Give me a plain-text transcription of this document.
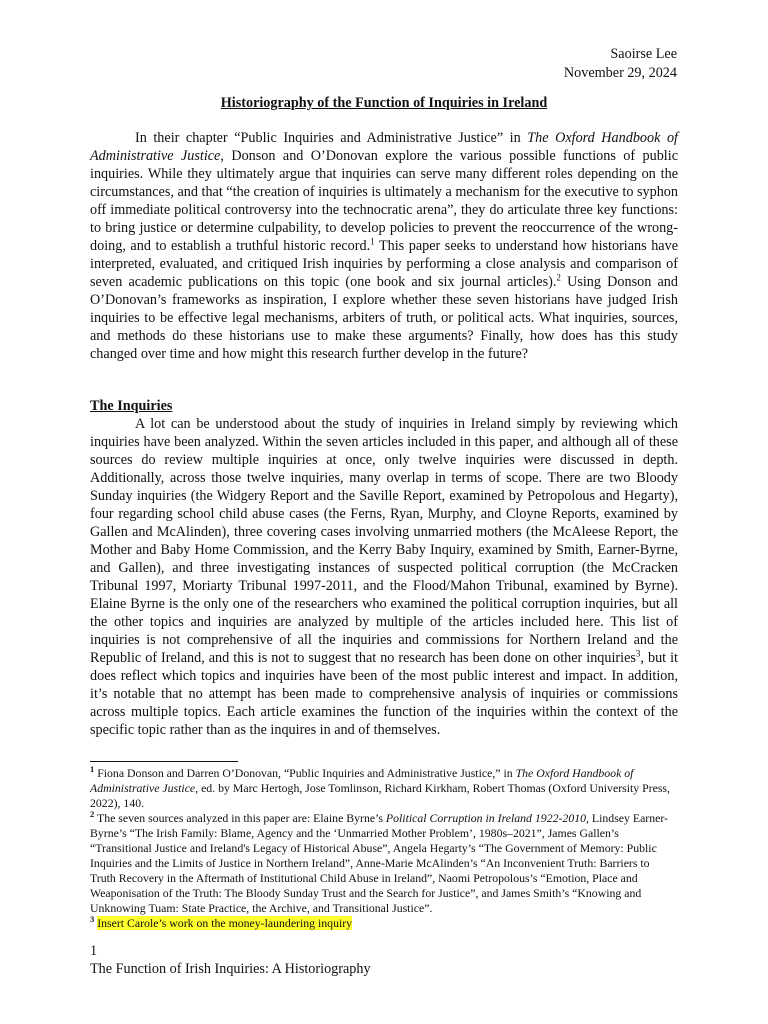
Saoirse Lee
November 29, 2024
Historiography of the Function of Inquiries in Ireland
In their chapter “Public Inquiries and Administrative Justice” in The Oxford Handbook of Administrative Justice, Donson and O’Donovan explore the various possible functions of public inquiries. While they ultimately argue that inquiries can serve many different roles depending on the circumstances, and that “the creation of inquiries is ultimately a mechanism for the executive to syphon off immediate political controversy into the technocratic arena”, they do articulate three key functions: to bring justice or determine culpability, to develop policies to prevent the reoccurrence of the wrong-doing, and to establish a truthful historic record.$^1$ This paper seeks to understand how historians have interpreted, evaluated, and critiqued Irish inquiries by performing a close analysis and comparison of seven academic publications on this topic (one book and six journal articles).$^2$ Using Donson and O’Donovan’s frameworks as inspiration, I explore whether these seven historians have judged Irish inquiries to be effective legal mechanisms, arbiters of truth, or political acts. What inquiries, sources, and methods do these historians use to make these arguments? Finally, how does has this study changed over time and how might this research further develop in the future?
The Inquiries
A lot can be understood about the study of inquiries in Ireland simply by reviewing which inquiries have been analyzed. Within the seven articles included in this paper, and although all of these sources do review multiple inquiries at once, only twelve inquiries were discussed in depth. Additionally, across those twelve inquiries, many overlap in terms of scope. There are two Bloody Sunday inquiries (the Widgery Report and the Saville Report, examined by Petropolous and Hegarty), four regarding school child abuse cases (the Ferns, Ryan, Murphy, and Cloyne Reports, examined by Gallen and McAlinden), three covering cases involving unmarried mothers (the McAleese Report, the Mother and Baby Home Commission, and the Kerry Baby Inquiry, examined by Smith, Earner-Byrne, and Gallen), and three investigating instances of suspected political corruption (the McCracken Tribunal 1997, Moriarty Tribunal 1997-2011, and the Flood/Mahon Tribunal, examined by Byrne). Elaine Byrne is the only one of the researchers who examined the political corruption inquiries, but all the other topics and inquiries are analyzed by multiple of the articles included here. This list of inquiries is not comprehensive of all the inquiries and commissions for Northern Ireland and the Republic of Ireland, and this is not to suggest that no research has been done on other inquiries$^3$, but it does reflect which topics and inquiries have been of the most public interest and impact. In addition, it’s notable that no attempt has been made to comprehensive analysis of inquiries or commissions across multiple topics. Each article examines the function of the inquiries within the context of the specific topic rather than as the inquires in and of themselves.

$^1$ Fiona Donson and Darren O’Donovan, “Public Inquiries and Administrative Justice,” in The Oxford Handbook of Administrative Justice, ed. by Marc Hertogh, Jose Tomlinson, Richard Kirkham, Robert Thomas (Oxford University Press, 2022), 140.

$^2$ The seven sources analyzed in this paper are: Elaine Byrne’s Political Corruption in Ireland 1922-2010, Lindsey Earner-Byrne’s “The Irish Family: Blame, Agency and the ‘Unmarried Mother Problem’, 1980s–2021”, James Gallen’s “Transitional Justice and Ireland's Legacy of Historical Abuse”, Angela Hegarty’s “The Government of Memory: Public Inquiries and the Limits of Justice in Northern Ireland”, Anne-Marie McAlinden’s “An Inconvenient Truth: Barriers to Truth Recovery in the Aftermath of Institutional Child Abuse in Ireland”, Naomi Petropolous’s “Emotion, Place and Weaponisation of the Truth: The Bloody Sunday Trust and the Search for Justice”, and James Smith’s “Knowing and Unknowing Tuam: State Practice, the Archive, and Transitional Justice”.

$^3$ Insert Carole’s work on the money-laundering inquiry

1
The Function of Irish Inquiries: A Historiography
